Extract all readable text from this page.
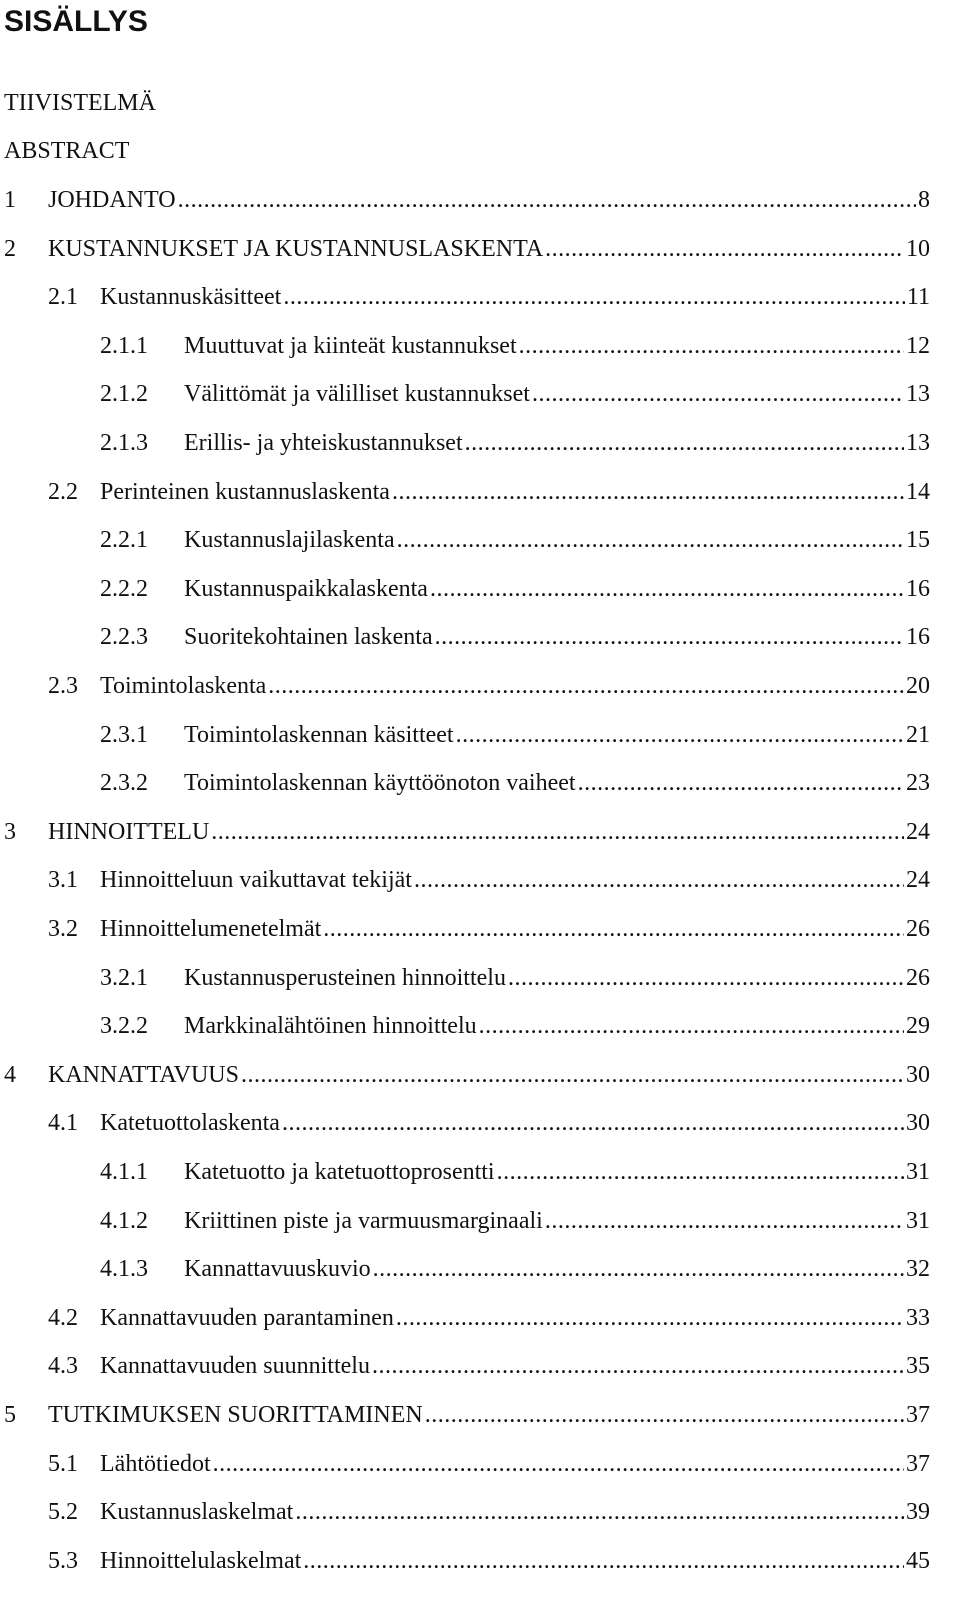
SISÄLLYS
TIIVISTELMÄ
ABSTRACT
1	JOHDANTO .....	8
2	KUSTANNUKSET JA KUSTANNUSLASKENTA .....	10
2.1 Kustannuskäsitteet .....	11
2.1.1	Muuttuvat ja kiinteät kustannukset .....	12
2.1.2	Välittömät ja välilliset kustannukset .....	13
2.1.3	Erillis- ja yhteiskustannukset .....	13
2.2 Perinteinen kustannuslaskenta .....	14
2.2.1	Kustannuslajilaskenta .....	15
2.2.2	Kustannuspaikkalaskenta .....	16
2.2.3	Suoritekohtainen laskenta .....	16
2.3 Toimintolaskenta .....	20
2.3.1	Toimintolaskennan käsitteet .....	21
2.3.2	Toimintolaskennan käyttöönoton vaiheet .....	23
3	HINNOITTELU .....	24
3.1 Hinnoitteluun vaikuttavat tekijät .....	24
3.2 Hinnoittelumenetelmät .....	26
3.2.1	Kustannusperusteinen hinnoittelu .....	26
3.2.2	Markkinalähtöinen hinnoittelu .....	29
4	KANNATTAVUUS .....	30
4.1 Katetuottolaskenta .....	30
4.1.1	Katetuotto ja katetuottoprosentti .....	31
4.1.2	Kriittinen piste ja varmuusmarginaali .....	31
4.1.3	Kannattavuuskuvio .....	32
4.2 Kannattavuuden parantaminen .....	33
4.3 Kannattavuuden suunnittelu .....	35
5	TUTKIMUKSEN SUORITTAMINEN .....	37
5.1 Lähtötiedot .....	37
5.2 Kustannuslaskelmat .....	39
5.3 Hinnoittelulaskelmat .....	45
